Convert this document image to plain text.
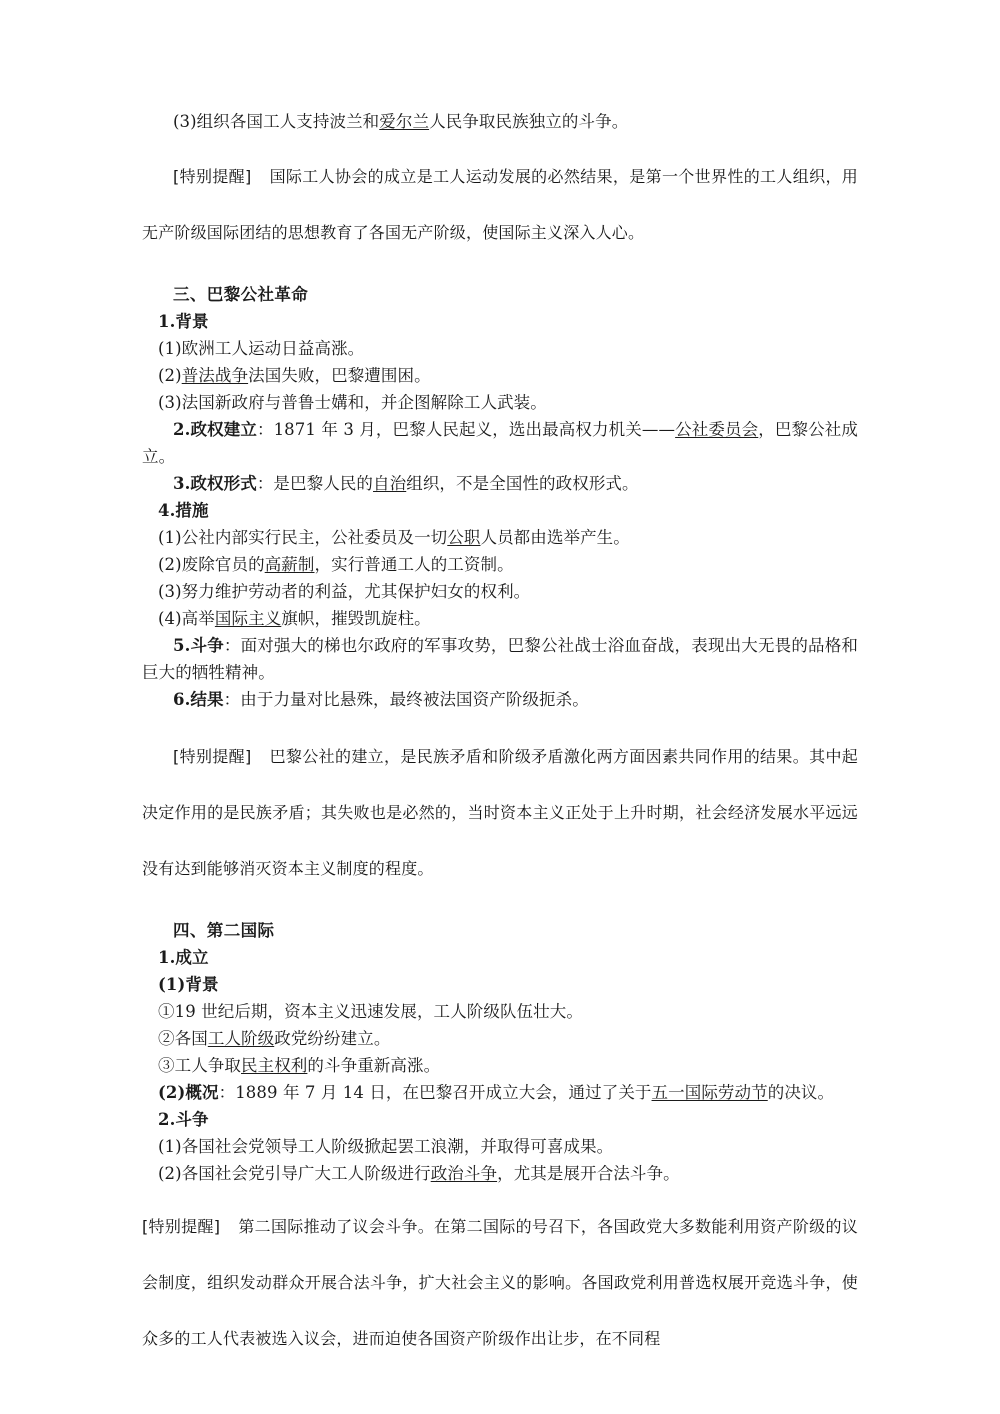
(3)组织各国工人支持波兰和爱尔兰人民争取民族独立的斗争。

[特别提醒] 国际工人协会的成立是工人运动发展的必然结果，是第一个世界性的工人组织，用无产阶级国际团结的思想教育了各国无产阶级，使国际主义深入人心。

三、巴黎公社革命

1.背景

(1)欧洲工人运动日益高涨。

(2)普法战争法国失败，巴黎遭围困。

(3)法国新政府与普鲁士媾和，并企图解除工人武装。

2.政权建立：1871 年 3 月，巴黎人民起义，选出最高权力机关——公社委员会，巴黎公社成立。

3.政权形式：是巴黎人民的自治组织，不是全国性的政权形式。

4.措施

(1)公社内部实行民主，公社委员及一切公职人员都由选举产生。

(2)废除官员的高薪制，实行普通工人的工资制。

(3)努力维护劳动者的利益，尤其保护妇女的权利。

(4)高举国际主义旗帜，摧毁凯旋柱。

5.斗争：面对强大的梯也尔政府的军事攻势，巴黎公社战士浴血奋战，表现出大无畏的品格和巨大的牺牲精神。

6.结果：由于力量对比悬殊，最终被法国资产阶级扼杀。

[特别提醒] 巴黎公社的建立，是民族矛盾和阶级矛盾激化两方面因素共同作用的结果。其中起决定作用的是民族矛盾；其失败也是必然的，当时资本主义正处于上升时期，社会经济发展水平远远没有达到能够消灭资本主义制度的程度。

四、第二国际

1.成立

(1)背景

①19 世纪后期，资本主义迅速发展，工人阶级队伍壮大。

②各国工人阶级政党纷纷建立。

③工人争取民主权利的斗争重新高涨。

(2)概况：1889 年 7 月 14 日，在巴黎召开成立大会，通过了关于五一国际劳动节的决议。

2.斗争

(1)各国社会党领导工人阶级掀起罢工浪潮，并取得可喜成果。

(2)各国社会党引导广大工人阶级进行政治斗争，尤其是展开合法斗争。

[特别提醒] 第二国际推动了议会斗争。在第二国际的号召下，各国政党大多数能利用资产阶级的议会制度，组织发动群众开展合法斗争，扩大社会主义的影响。各国政党利用普选权展开竞选斗争，使众多的工人代表被选入议会，进而迫使各国资产阶级作出让步，在不同程
